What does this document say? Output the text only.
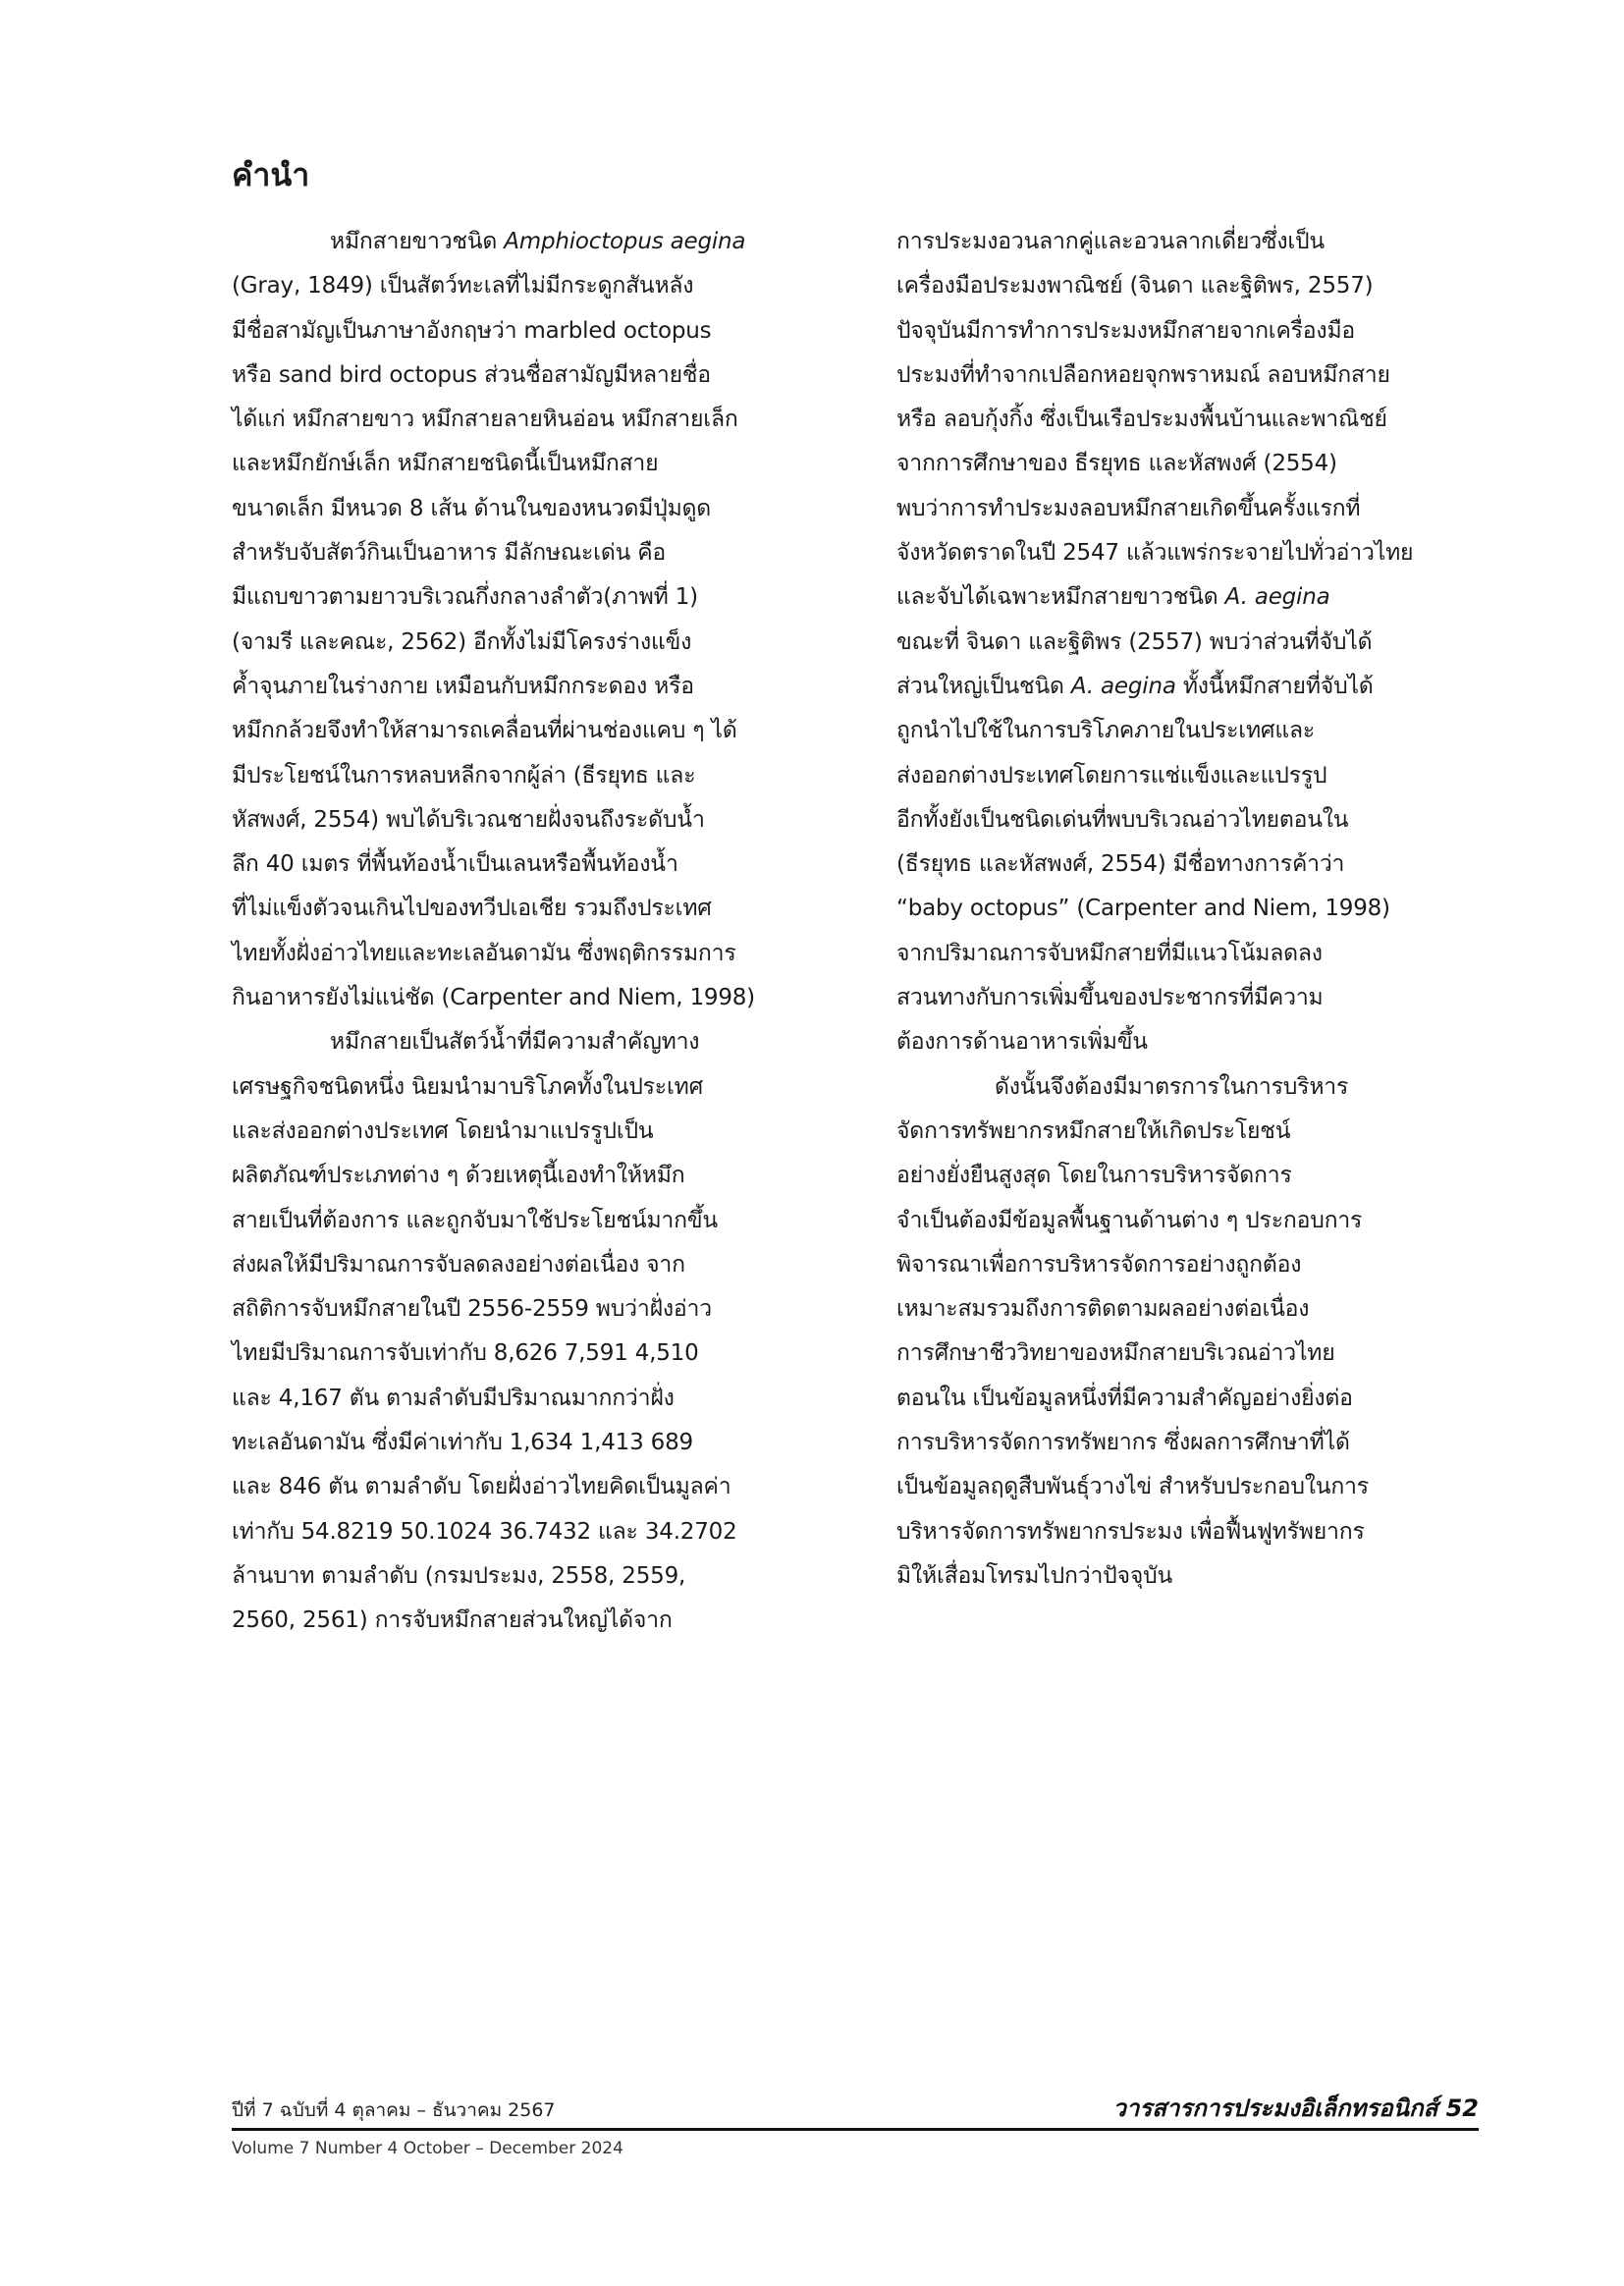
คำนำ
หมึกสายขาวชนิด Amphioctopus aegina
(Gray, 1849) เป็นสัตว์ทะเลที่ไม่มีกระดูกสันหลัง
มีชื่อสามัญเป็นภาษาอังกฤษว่า marbled octopus
หรือ sand bird octopus ส่วนชื่อสามัญมีหลายชื่อ
ได้แก่ หมึกสายขาว หมึกสายลายหินอ่อน หมึกสายเล็ก
และหมึกยักษ์เล็ก หมึกสายชนิดนี้เป็นหมึกสาย
ขนาดเล็ก มีหนวด 8 เส้น ด้านในของหนวดมีปุ่มดูด
สำหรับจับสัตว์กินเป็นอาหาร มีลักษณะเด่น คือ
มีแถบขาวตามยาวบริเวณกึ่งกลางลำตัว(ภาพที่ 1)
(จามรี และคณะ, 2562) อีกทั้งไม่มีโครงร่างแข็ง
ค้ำจุนภายในร่างกาย เหมือนกับหมึกกระดอง หรือ
หมึกกล้วยจึงทำให้สามารถเคลื่อนที่ผ่านช่องแคบ ๆ ได้
มีประโยชน์ในการหลบหลีกจากผู้ล่า (ธีรยุทธ และ
หัสพงศ์, 2554) พบได้บริเวณชายฝั่งจนถึงระดับน้ำ
ลึก 40 เมตร ที่พื้นท้องน้ำเป็นเลนหรือพื้นท้องน้ำ
ที่ไม่แข็งตัวจนเกินไปของทวีปเอเชีย รวมถึงประเทศ
ไทยทั้งฝั่งอ่าวไทยและทะเลอันดามัน ซึ่งพฤติกรรมการ
กินอาหารยังไม่แน่ชัด (Carpenter and Niem, 1998)
หมึกสายเป็นสัตว์น้ำที่มีความสำคัญทาง
เศรษฐกิจชนิดหนึ่ง นิยมนำมาบริโภคทั้งในประเทศ
และส่งออกต่างประเทศ โดยนำมาแปรรูปเป็น
ผลิตภัณฑ์ประเภทต่าง ๆ ด้วยเหตุนี้เองทำให้หมึก
สายเป็นที่ต้องการ และถูกจับมาใช้ประโยชน์มากขึ้น
ส่งผลให้มีปริมาณการจับลดลงอย่างต่อเนื่อง จาก
สถิติการจับหมึกสายในปี 2556-2559 พบว่าฝั่งอ่าว
ไทยมีปริมาณการจับเท่ากับ 8,626 7,591 4,510
และ 4,167 ตัน ตามลำดับมีปริมาณมากกว่าฝั่ง
ทะเลอันดามัน ซึ่งมีค่าเท่ากับ 1,634 1,413 689
และ 846 ตัน ตามลำดับ โดยฝั่งอ่าวไทยคิดเป็นมูลค่า
เท่ากับ 54.8219 50.1024 36.7432 และ 34.2702
ล้านบาท ตามลำดับ (กรมประมง, 2558, 2559,
2560, 2561) การจับหมึกสายส่วนใหญ่ได้จาก
การประมงอวนลากคู่และอวนลากเดี่ยวซึ่งเป็น
เครื่องมือประมงพาณิชย์ (จินดา และฐิติพร, 2557)
ปัจจุบันมีการทำการประมงหมึกสายจากเครื่องมือ
ประมงที่ทำจากเปลือกหอยจุกพราหมณ์ ลอบหมึกสาย
หรือ ลอบกุ้งกิ้ง ซึ่งเป็นเรือประมงพื้นบ้านและพาณิชย์
จากการศึกษาของ ธีรยุทธ และหัสพงศ์ (2554)
พบว่าการทำประมงลอบหมึกสายเกิดขึ้นครั้งแรกที่
จังหวัดตราดในปี 2547 แล้วแพร่กระจายไปทั่วอ่าวไทย
และจับได้เฉพาะหมึกสายขาวชนิด A. aegina
ขณะที่ จินดา และฐิติพร (2557) พบว่าส่วนที่จับได้
ส่วนใหญ่เป็นชนิด A. aegina ทั้งนี้หมึกสายที่จับได้
ถูกนำไปใช้ในการบริโภคภายในประเทศและ
ส่งออกต่างประเทศโดยการแช่แข็งและแปรรูป
อีกทั้งยังเป็นชนิดเด่นที่พบบริเวณอ่าวไทยตอนใน
(ธีรยุทธ และหัสพงศ์, 2554) มีชื่อทางการค้าว่า
“baby octopus” (Carpenter and Niem, 1998)
จากปริมาณการจับหมึกสายที่มีแนวโน้มลดลง
สวนทางกับการเพิ่มขึ้นของประชากรที่มีความ
ต้องการด้านอาหารเพิ่มขึ้น
ดังนั้นจึงต้องมีมาตรการในการบริหาร
จัดการทรัพยากรหมึกสายให้เกิดประโยชน์
อย่างยั่งยืนสูงสุด โดยในการบริหารจัดการ
จำเป็นต้องมีข้อมูลพื้นฐานด้านต่าง ๆ ประกอบการ
พิจารณาเพื่อการบริหารจัดการอย่างถูกต้อง
เหมาะสมรวมถึงการติดตามผลอย่างต่อเนื่อง
การศึกษาชีววิทยาของหมึกสายบริเวณอ่าวไทย
ตอนใน เป็นข้อมูลหนึ่งที่มีความสำคัญอย่างยิ่งต่อ
การบริหารจัดการทรัพยากร ซึ่งผลการศึกษาที่ได้
เป็นข้อมูลฤดูสืบพันธุ์วางไข่ สำหรับประกอบในการ
บริหารจัดการทรัพยากรประมง เพื่อฟื้นฟูทรัพยากร
มิให้เสื่อมโทรมไปกว่าปัจจุบัน
ปีที่ 7 ฉบับที่ 4 ตุลาคม – ธันวาคม 2567
Volume 7 Number 4 October – December 2024
วารสารการประมงอิเล็กทรอนิกส์ 52
